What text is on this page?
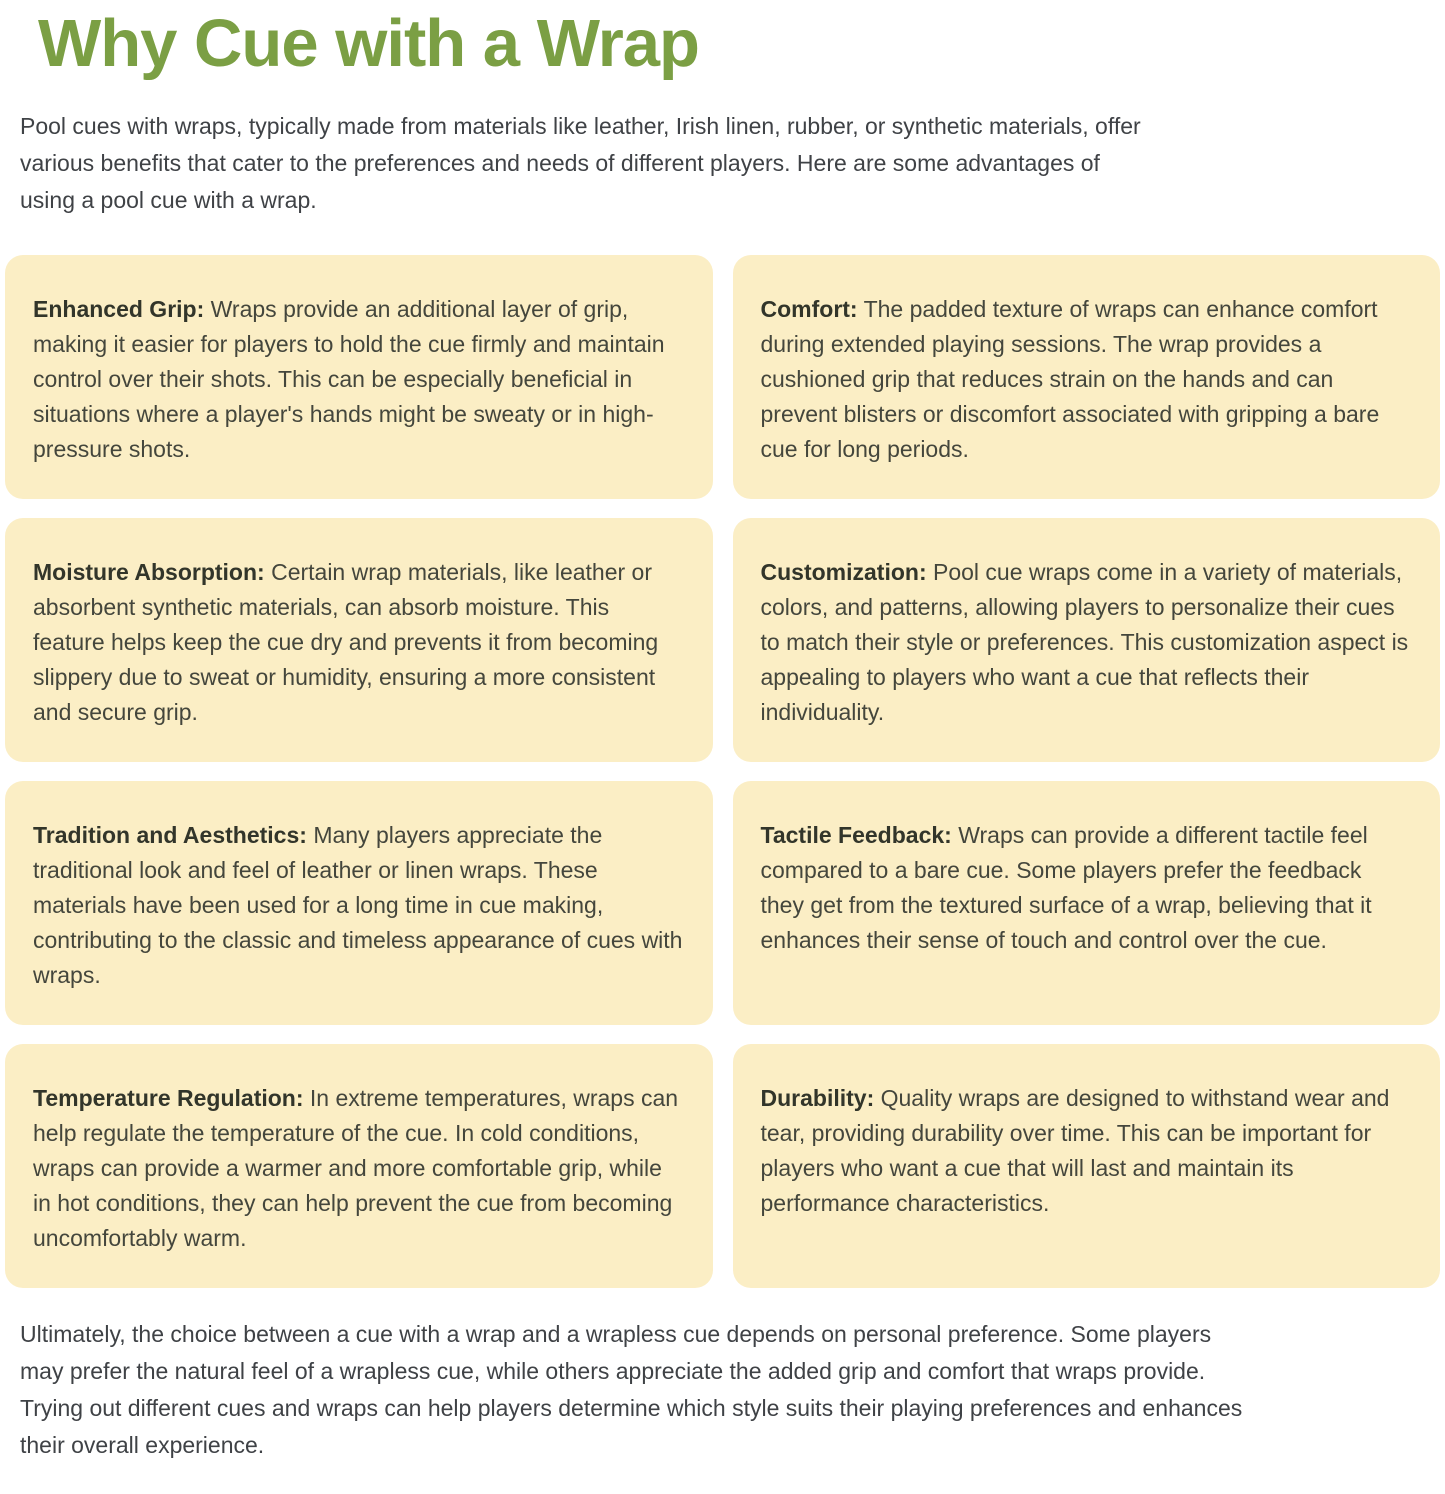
Why Cue with a Wrap

Pool cues with wraps, typically made from materials like leather, Irish linen, rubber, or synthetic materials, offer various benefits that cater to the preferences and needs of different players. Here are some advantages of using a pool cue with a wrap.

Enhanced Grip: Wraps provide an additional layer of grip, making it easier for players to hold the cue firmly and maintain control over their shots. This can be especially beneficial in situations where a player's hands might be sweaty or in high-pressure shots.

Comfort: The padded texture of wraps can enhance comfort during extended playing sessions. The wrap provides a cushioned grip that reduces strain on the hands and can prevent blisters or discomfort associated with gripping a bare cue for long periods.

Moisture Absorption: Certain wrap materials, like leather or absorbent synthetic materials, can absorb moisture. This feature helps keep the cue dry and prevents it from becoming slippery due to sweat or humidity, ensuring a more consistent and secure grip.

Customization: Pool cue wraps come in a variety of materials, colors, and patterns, allowing players to personalize their cues to match their style or preferences. This customization aspect is appealing to players who want a cue that reflects their individuality.

Tradition and Aesthetics: Many players appreciate the traditional look and feel of leather or linen wraps. These materials have been used for a long time in cue making, contributing to the classic and timeless appearance of cues with wraps.

Tactile Feedback: Wraps can provide a different tactile feel compared to a bare cue. Some players prefer the feedback they get from the textured surface of a wrap, believing that it enhances their sense of touch and control over the cue.

Temperature Regulation: In extreme temperatures, wraps can help regulate the temperature of the cue. In cold conditions, wraps can provide a warmer and more comfortable grip, while in hot conditions, they can help prevent the cue from becoming uncomfortably warm.

Durability: Quality wraps are designed to withstand wear and tear, providing durability over time. This can be important for players who want a cue that will last and maintain its performance characteristics.

Ultimately, the choice between a cue with a wrap and a wrapless cue depends on personal preference. Some players may prefer the natural feel of a wrapless cue, while others appreciate the added grip and comfort that wraps provide. Trying out different cues and wraps can help players determine which style suits their playing preferences and enhances their overall experience.
